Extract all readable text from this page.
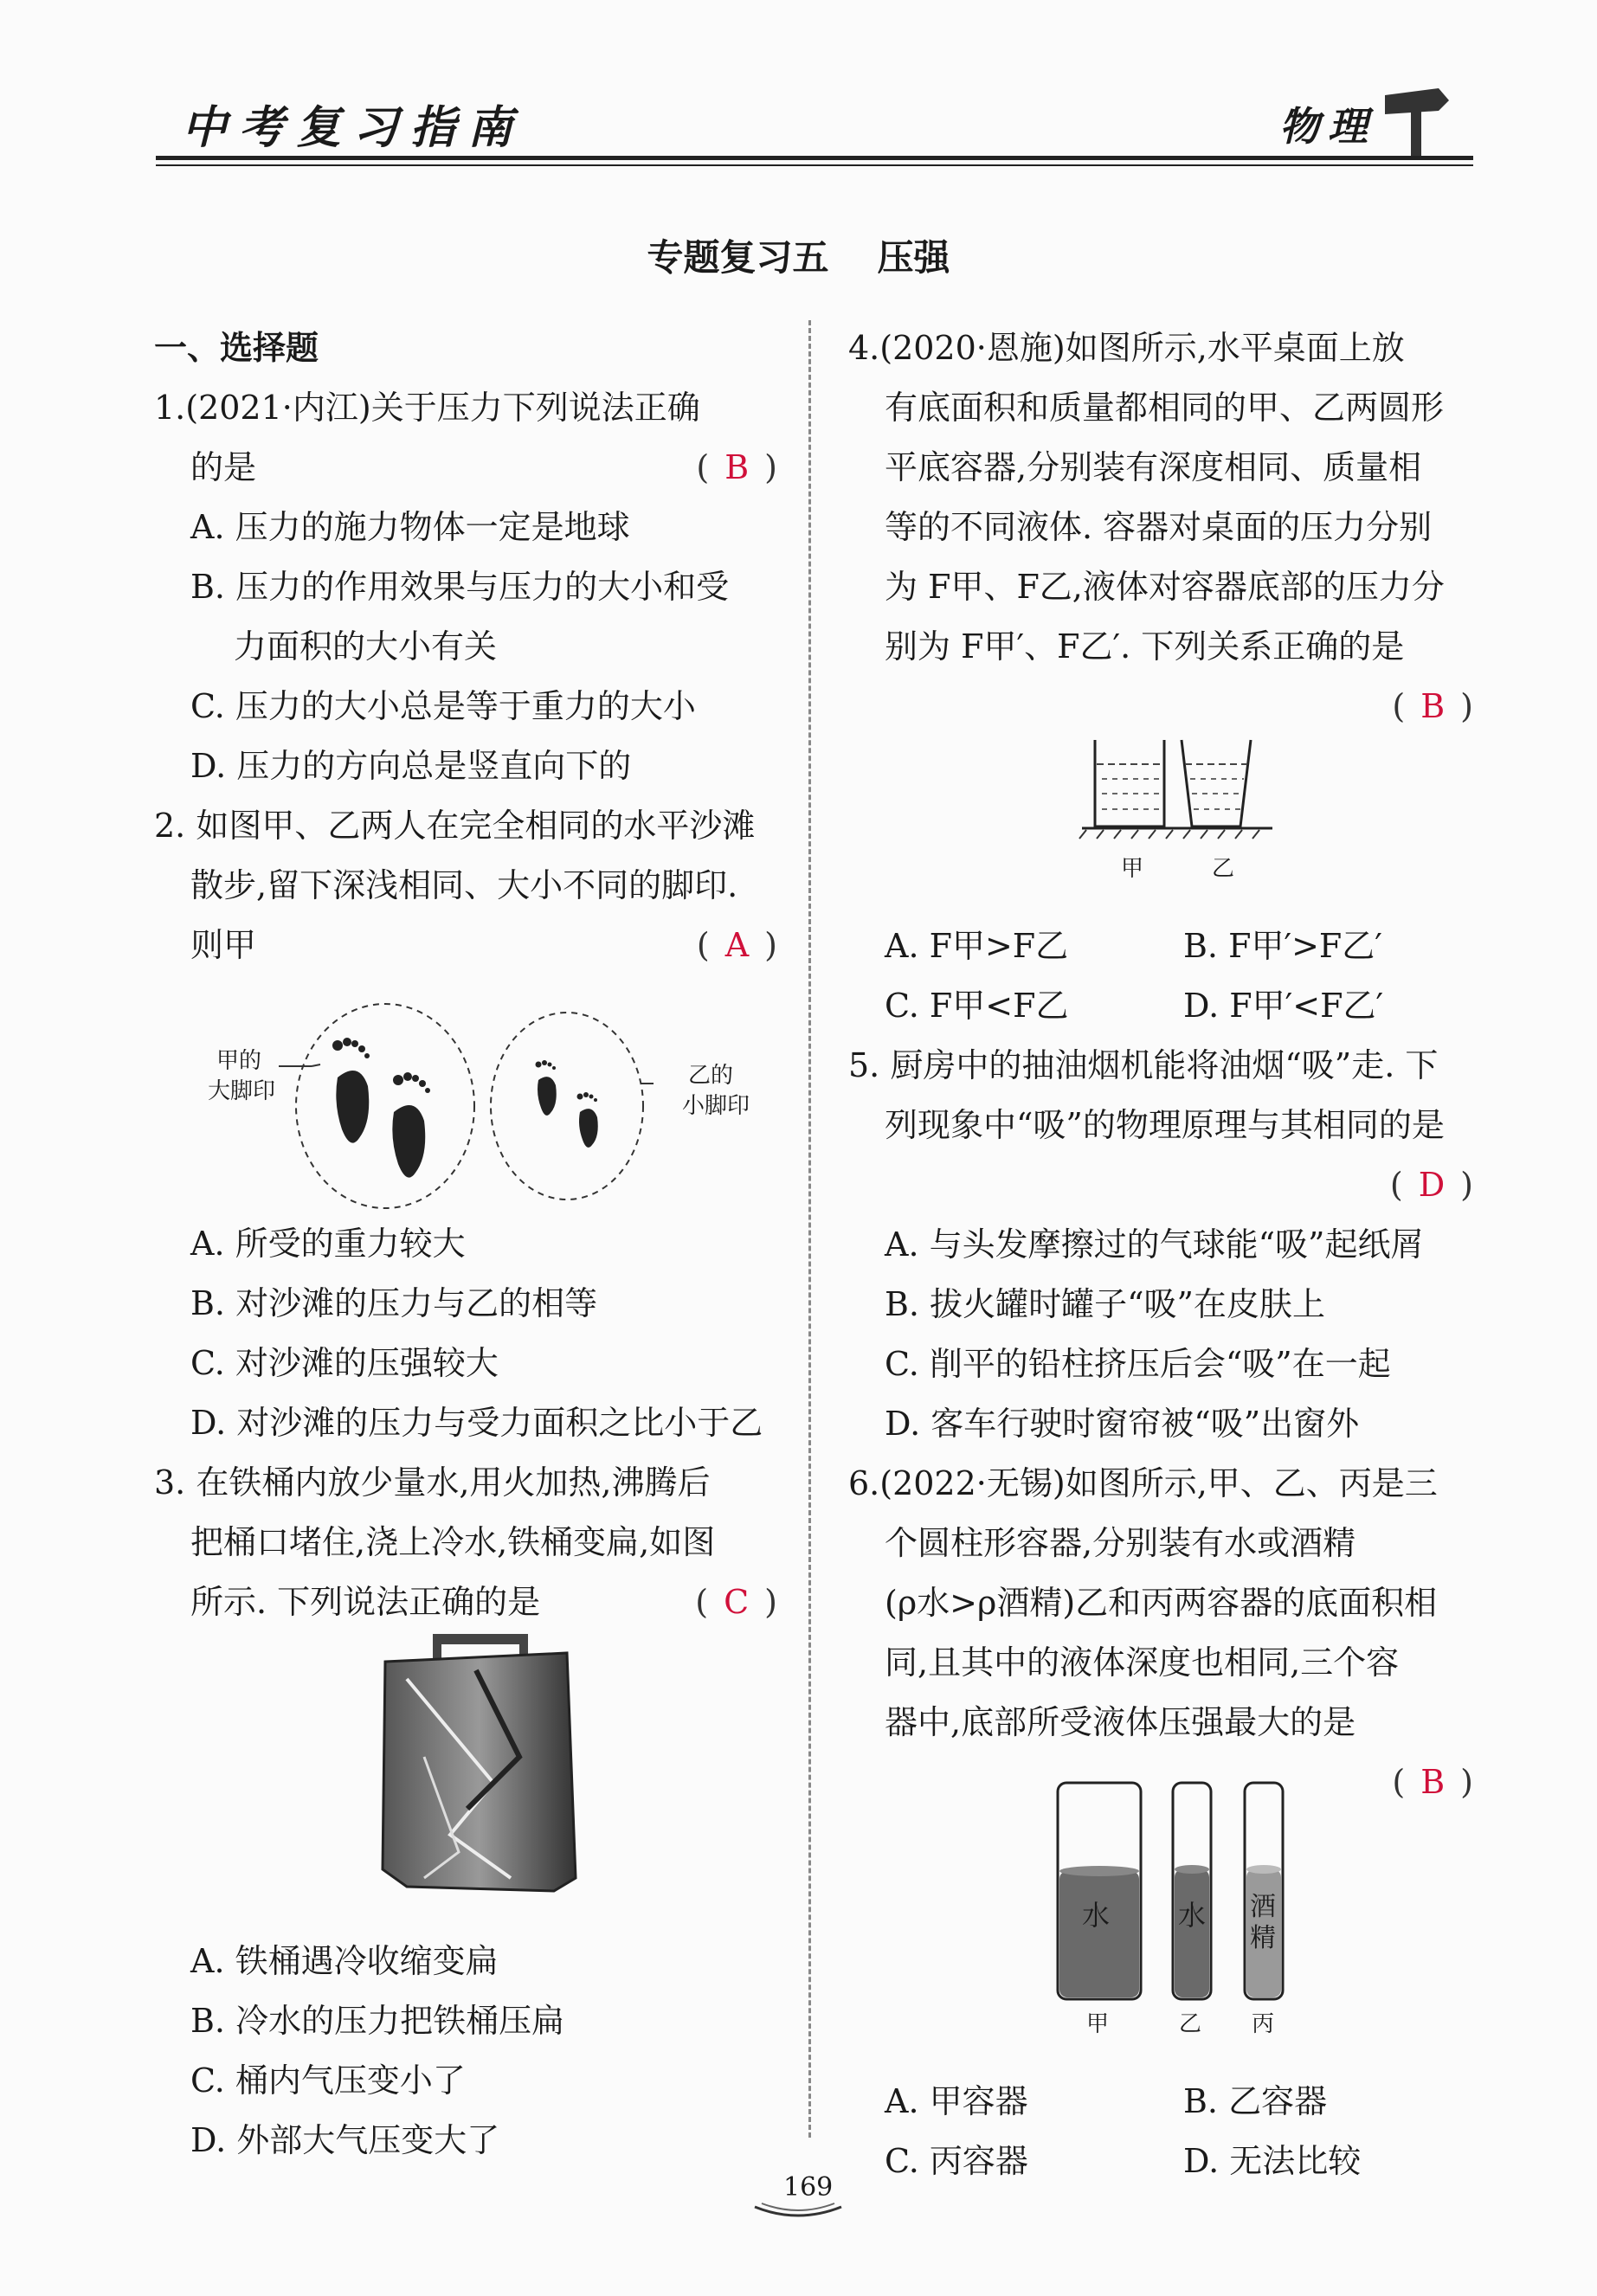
中考复习指南	物理
专题复习五 压强

一、选择题

1.(2021·内江)关于压力下列说法正确

的是	( B )

A. 压力的施力物体一定是地球

B. 压力的作用效果与压力的大小和受

力面积的大小有关

C. 压力的大小总是等于重力的大小

D. 压力的方向总是竖直向下的

2. 如图甲、乙两人在完全相同的水平沙滩

散步,留下深浅相同、大小不同的脚印.

则甲	( A )

A. 所受的重力较大

B. 对沙滩的压力与乙的相等

C. 对沙滩的压强较大

D. 对沙滩的压力与受力面积之比小于乙

3. 在铁桶内放少量水,用火加热,沸腾后

把桶口堵住,浇上冷水,铁桶变扁,如图

所示. 下列说法正确的是	( C )

A. 铁桶遇冷收缩变扁

B. 冷水的压力把铁桶压扁

C. 桶内气压变小了

D. 外部大气压变大了

甲的
大脚印
乙的
小脚印

4.(2020·恩施)如图所示,水平桌面上放

有底面积和质量都相同的甲、乙两圆形

平底容器,分别装有深度相同、质量相

等的不同液体. 容器对桌面的压力分别

为 F甲、F乙,液体对容器底部的压力分

别为 F甲′、F乙′. 下列关系正确的是

( B )

A. F甲>F乙	B. F甲′>F乙′

C. F甲<F乙	D. F甲′<F乙′

5. 厨房中的抽油烟机能将油烟“吸”走. 下

列现象中“吸”的物理原理与其相同的是

( D )

A. 与头发摩擦过的气球能“吸”起纸屑

B. 拔火罐时罐子“吸”在皮肤上

C. 削平的铅柱挤压后会“吸”在一起

D. 客车行驶时窗帘被“吸”出窗外

6.(2022·无锡)如图所示,甲、乙、丙是三

个圆柱形容器,分别装有水或酒精

(ρ水>ρ酒精)乙和丙两容器的底面积相

同,且其中的液体深度也相同,三个容

器中,底部所受液体压强最大的是

( B )

A. 甲容器	B. 乙容器

C. 丙容器	D. 无法比较

甲	乙
水 水 酒
精
甲	乙 丙
169
